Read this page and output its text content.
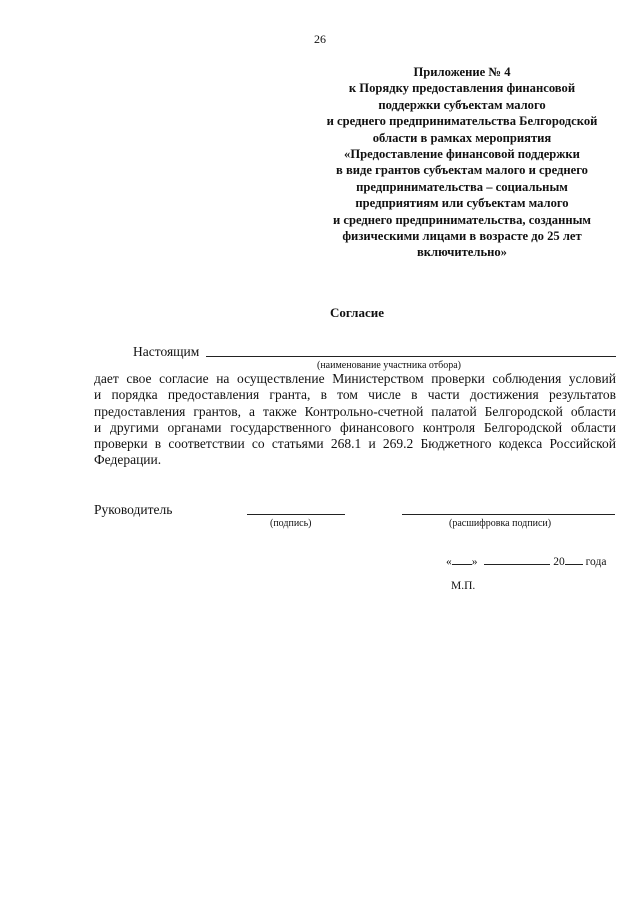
26
Приложение № 4
к Порядку предоставления финансовой
поддержки субъектам малого
и среднего предпринимательства Белгородской
области в рамках мероприятия
«Предоставление финансовой поддержки
в виде грантов субъектам малого и среднего
предпринимательства – социальным
предприятиям или субъектам малого
и среднего предпринимательства, созданным
физическими лицами в возрасте до 25 лет
включительно»
Согласие
Настоящим
(наименование участника отбора)
дает свое согласие на осуществление Министерством проверки соблюдения условий
и порядка предоставления гранта, в том числе в части достижения результатов
предоставления грантов, а также Контрольно-счетной палатой Белгородской области
и другими органами государственного финансового контроля Белгородской области
проверки в соответствии со статьями 268.1 и 269.2 Бюджетного кодекса Российской
Федерации.
Руководитель
(подпись)	(расшифровка подписи)
« »	20 года
М.П.
